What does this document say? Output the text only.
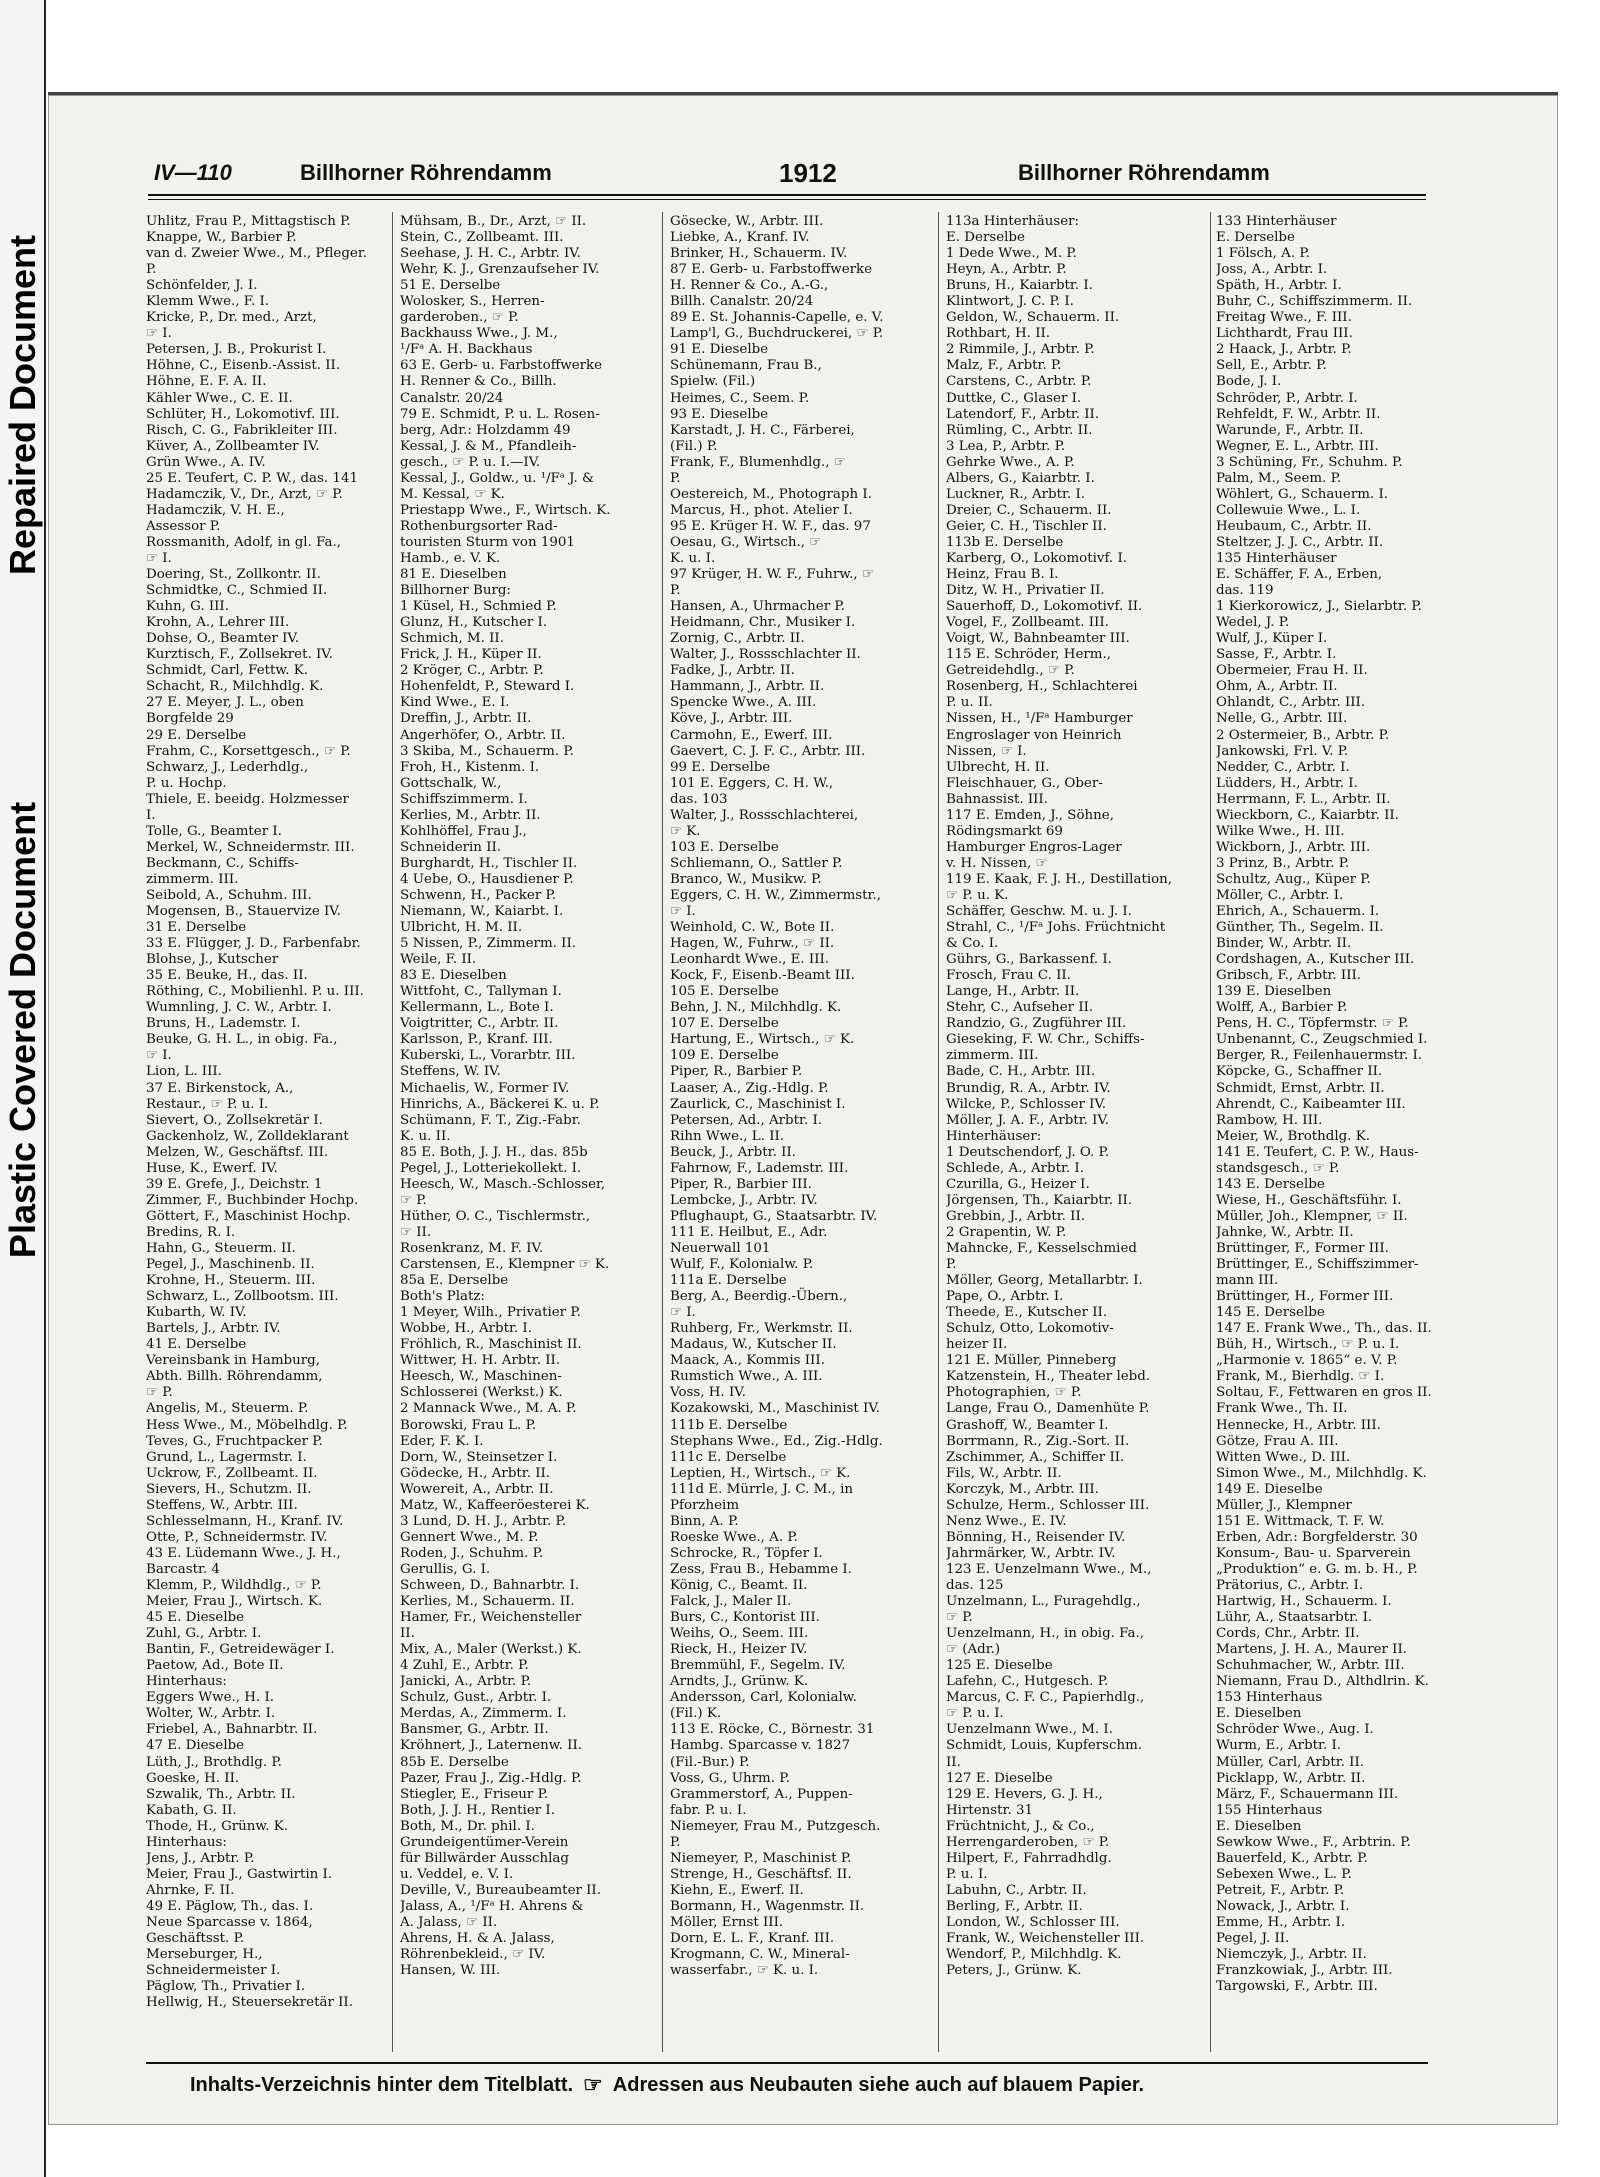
Repaired Document
Plastic Covered Document
IV—110	Billhorner Röhrendamm	1912	Billhorner Röhrendamm
Uhlitz, Frau P., Mittagstisch P.
Knappe, W., Barbier P.
van d. Zweier Wwe., M., Pfleger.
P.
Schönfelder, J. I.
Klemm Wwe., F. I.
Kricke, P., Dr. med., Arzt,
☞ I.
Petersen, J. B., Prokurist I.
Höhne, C., Eisenb.-Assist. II.
Höhne, E. F. A. II.
Kähler Wwe., C. E. II.
Schlüter, H., Lokomotivf. III.
Risch, C. G., Fabrikleiter III.
Küver, A., Zollbeamter IV.
Grün Wwe., A. IV.
25 E. Teufert, C. P. W., das. 141
Hadamczik, V., Dr., Arzt, ☞ P.
Hadamczik, V. H. E.,
Assessor P.
Rossmanith, Adolf, in gl. Fa.,
☞ I.
Doering, St., Zollkontr. II.
Schmidtke, C., Schmied II.
Kuhn, G. III.
Krohn, A., Lehrer III.
Dohse, O., Beamter IV.
Kurztisch, F., Zollsekret. IV.
Schmidt, Carl, Fettw. K.
Schacht, R., Milchhdlg. K.
27 E. Meyer, J. L., oben
Borgfelde 29
29 E. Derselbe
Frahm, C., Korsettgesch., ☞ P.
Schwarz, J., Lederhdlg.,
P. u. Hochp.
Thiele, E. beeidg. Holzmesser
I.
Tolle, G., Beamter I.
Merkel, W., Schneidermstr. III.
Beckmann, C., Schiffs-
zimmerm. III.
Seibold, A., Schuhm. III.
Mogensen, B., Stauervize IV.
31 E. Derselbe
33 E. Flügger, J. D., Farbenfabr.
Blohse, J., Kutscher
35 E. Beuke, H., das. II.
Röthing, C., Mobilienhl. P. u. III.
Wumnling, J. C. W., Arbtr. I.
Bruns, H., Lademstr. I.
Beuke, G. H. L., in obig. Fa.,
☞ I.
Lion, L. III.
37 E. Birkenstock, A.,
Restaur., ☞ P. u. I.
Sievert, O., Zollsekretär I.
Gackenholz, W., Zolldeklarant
Melzen, W., Geschäftsf. III.
Huse, K., Ewerf. IV.
39 E. Grefe, J., Deichstr. 1
Zimmer, F., Buchbinder Hochp.
Göttert, F., Maschinist Hochp.
Bredins, R. I.
Hahn, G., Steuerm. II.
Pegel, J., Maschinenb. II.
Krohne, H., Steuerm. III.
Schwarz, L., Zollbootsm. III.
Kubarth, W. IV.
Bartels, J., Arbtr. IV.
41 E. Derselbe
Vereinsbank in Hamburg,
Abth. Billh. Röhrendamm,
☞ P.
Angelis, M., Steuerm. P.
Hess Wwe., M., Möbelhdlg. P.
Teves, G., Fruchtpacker P.
Grund, L., Lagermstr. I.
Uckrow, F., Zollbeamt. II.
Sievers, H., Schutzm. II.
Steffens, W., Arbtr. III.
Schlesselmann, H., Kranf. IV.
Otte, P., Schneidermstr. IV.
43 E. Lüdemann Wwe., J. H.,
Barcastr. 4
Klemm, P., Wildhdlg., ☞ P.
Meier, Frau J., Wirtsch. K.
45 E. Dieselbe
Zuhl, G., Arbtr. I.
Bantin, F., Getreidewäger I.
Paetow, Ad., Bote II.
Hinterhaus:
Eggers Wwe., H. I.
Wolter, W., Arbtr. I.
Friebel, A., Bahnarbtr. II.
47 E. Dieselbe
Lüth, J., Brothdlg. P.
Goeske, H. II.
Szwalik, Th., Arbtr. II.
Kabath, G. II.
Thode, H., Grünw. K.
Hinterhaus:
Jens, J., Arbtr. P.
Meier, Frau J., Gastwirtin I.
Ahrnke, F. II.
49 E. Päglow, Th., das. I.
Neue Sparcasse v. 1864,
Geschäftsst. P.
Merseburger, H.,
Schneidermeister I.
Päglow, Th., Privatier I.
Hellwig, H., Steuersekretär II.
Mühsam, B., Dr., Arzt, ☞ II.
Stein, C., Zollbeamt. III.
Seehase, J. H. C., Arbtr. IV.
Wehr, K. J., Grenzaufseher IV.
51 E. Derselbe
Wolosker, S., Herren-
garderoben., ☞ P.
Backhauss Wwe., J. M.,
¹/Fᵃ A. H. Backhaus
63 E. Gerb- u. Farbstoffwerke
H. Renner & Co., Billh.
Canalstr. 20/24
79 E. Schmidt, P. u. L. Rosen-
berg, Adr.: Holzdamm 49
Kessal, J. & M., Pfandleih-
gesch., ☞ P. u. I.—IV.
Kessal, J., Goldw., u. ¹/Fᵃ J. &
M. Kessal, ☞ K.
Priestapp Wwe., F., Wirtsch. K.
Rothenburgsorter Rad-
touristen Sturm von 1901
Hamb., e. V. K.
81 E. Dieselben
Billhorner Burg:
1 Küsel, H., Schmied P.
Glunz, H., Kutscher I.
Schmich, M. II.
Frick, J. H., Küper II.
2 Kröger, C., Arbtr. P.
Hohenfeldt, P., Steward I.
Kind Wwe., E. I.
Dreffin, J., Arbtr. II.
Angerhöfer, O., Arbtr. II.
3 Skiba, M., Schauerm. P.
Froh, H., Kistenm. I.
Gottschalk, W.,
Schiffszimmerm. I.
Kerlies, M., Arbtr. II.
Kohlhöffel, Frau J.,
Schneiderin II.
Burghardt, H., Tischler II.
4 Uebe, O., Hausdiener P.
Schwenn, H., Packer P.
Niemann, W., Kaiarbt. I.
Ulbricht, H. M. II.
5 Nissen, P., Zimmerm. II.
Weile, F. II.
83 E. Dieselben
Wittfoht, C., Tallyman I.
Kellermann, L., Bote I.
Voigtritter, C., Arbtr. II.
Karlsson, P., Kranf. III.
Kuberski, L., Vorarbtr. III.
Steffens, W. IV.
Michaelis, W., Former IV.
Hinrichs, A., Bäckerei K. u. P.
Schümann, F. T., Zig.-Fabr.
K. u. II.
85 E. Both, J. J. H., das. 85b
Pegel, J., Lotteriekollekt. I.
Heesch, W., Masch.-Schlosser,
☞ P.
Hüther, O. C., Tischlermstr.,
☞ II.
Rosenkranz, M. F. IV.
Carstensen, E., Klempner ☞ K.
85a E. Derselbe
Both's Platz:
1 Meyer, Wilh., Privatier P.
Wobbe, H., Arbtr. I.
Fröhlich, R., Maschinist II.
Wittwer, H. H. Arbtr. II.
Heesch, W., Maschinen-
Schlosserei (Werkst.) K.
2 Mannack Wwe., M. A. P.
Borowski, Frau L. P.
Eder, F. K. I.
Dorn, W., Steinsetzer I.
Gödecke, H., Arbtr. II.
Wowereit, A., Arbtr. II.
Matz, W., Kaffeeröesterei K.
3 Lund, D. H. J., Arbtr. P.
Gennert Wwe., M. P.
Roden, J., Schuhm. P.
Gerullis, G. I.
Schween, D., Bahnarbtr. I.
Kerlies, M., Schauerm. II.
Hamer, Fr., Weichensteller
II.
Mix, A., Maler (Werkst.) K.
4 Zuhl, E., Arbtr. P.
Janicki, A., Arbtr. P.
Schulz, Gust., Arbtr. I.
Merdas, A., Zimmerm. I.
Bansmer, G., Arbtr. II.
Kröhnert, J., Laternenw. II.
85b E. Derselbe
Pazer, Frau J., Zig.-Hdlg. P.
Stiegler, E., Friseur P.
Both, J. J. H., Rentier I.
Both, M., Dr. phil. I.
Grundeigentümer-Verein
für Billwärder Ausschlag
u. Veddel, e. V. I.
Deville, V., Bureaubeamter II.
Jalass, A., ¹/Fᵃ H. Ahrens &
A. Jalass, ☞ II.
Ahrens, H. & A. Jalass,
Röhrenbekleid., ☞ IV.
Hansen, W. III.
Gösecke, W., Arbtr. III.
Liebke, A., Kranf. IV.
Brinker, H., Schauerm. IV.
87 E. Gerb- u. Farbstoffwerke
H. Renner & Co., A.-G.,
Billh. Canalstr. 20/24
89 E. St. Johannis-Capelle, e. V.
Lamp'l, G., Buchdruckerei, ☞ P.
91 E. Dieselbe
Schünemann, Frau B.,
Spielw. (Fil.)
Heimes, C., Seem. P.
93 E. Dieselbe
Karstadt, J. H. C., Färberei,
(Fil.) P.
Frank, F., Blumenhdlg., ☞
P.
Oestereich, M., Photograph I.
Marcus, H., phot. Atelier I.
95 E. Krüger H. W. F., das. 97
Oesau, G., Wirtsch., ☞
K. u. I.
97 Krüger, H. W. F., Fuhrw., ☞
P.
Hansen, A., Uhrmacher P.
Heidmann, Chr., Musiker I.
Zornig, C., Arbtr. II.
Walter, J., Rossschlachter II.
Fadke, J., Arbtr. II.
Hammann, J., Arbtr. II.
Spencke Wwe., A. III.
Köve, J., Arbtr. III.
Carmohn, E., Ewerf. III.
Gaevert, C. J. F. C., Arbtr. III.
99 E. Derselbe
101 E. Eggers, C. H. W.,
das. 103
Walter, J., Rossschlachterei,
☞ K.
103 E. Derselbe
Schliemann, O., Sattler P.
Branco, W., Musikw. P.
Eggers, C. H. W., Zimmermstr.,
☞ I.
Weinhold, C. W., Bote II.
Hagen, W., Fuhrw., ☞ II.
Leonhardt Wwe., E. III.
Kock, F., Eisenb.-Beamt III.
105 E. Derselbe
Behn, J. N., Milchhdlg. K.
107 E. Derselbe
Hartung, E., Wirtsch., ☞ K.
109 E. Derselbe
Piper, R., Barbier P.
Laaser, A., Zig.-Hdlg. P.
Zaurlick, C., Maschinist I.
Petersen, Ad., Arbtr. I.
Rihn Wwe., L. II.
Beuck, J., Arbtr. II.
Fahrnow, F., Lademstr. III.
Piper, R., Barbier III.
Lembcke, J., Arbtr. IV.
Pflughaupt, G., Staatsarbtr. IV.
111 E. Heilbut, E., Adr.
Neuerwall 101
Wulf, F., Kolonialw. P.
111a E. Derselbe
Berg, A., Beerdig.-Übern.,
☞ I.
Ruhberg, Fr., Werkmstr. II.
Madaus, W., Kutscher II.
Maack, A., Kommis III.
Rumstich Wwe., A. III.
Voss, H. IV.
Kozakowski, M., Maschinist IV.
111b E. Derselbe
Stephans Wwe., Ed., Zig.-Hdlg.
111c E. Derselbe
Leptien, H., Wirtsch., ☞ K.
111d E. Mürrle, J. C. M., in
Pforzheim
Binn, A. P.
Roeske Wwe., A. P.
Schrocke, R., Töpfer I.
Zess, Frau B., Hebamme I.
König, C., Beamt. II.
Falck, J., Maler II.
Burs, C., Kontorist III.
Weihs, O., Seem. III.
Rieck, H., Heizer IV.
Bremmühl, F., Segelm. IV.
Arndts, J., Grünw. K.
Andersson, Carl, Kolonialw.
(Fil.) K.
113 E. Röcke, C., Börnestr. 31
Hambg. Sparcasse v. 1827
(Fil.-Bur.) P.
Voss, G., Uhrm. P.
Grammerstorf, A., Puppen-
fabr. P. u. I.
Niemeyer, Frau M., Putzgesch.
P.
Niemeyer, P., Maschinist P.
Strenge, H., Geschäftsf. II.
Kiehn, E., Ewerf. II.
Bormann, H., Wagenmstr. II.
Möller, Ernst III.
Dorn, E. L. F., Kranf. III.
Krogmann, C. W., Mineral-
wasserfabr., ☞ K. u. I.
113a Hinterhäuser:
E. Derselbe
1 Dede Wwe., M. P.
Heyn, A., Arbtr. P.
Bruns, H., Kaiarbtr. I.
Klintwort, J. C. P. I.
Geldon, W., Schauerm. II.
Rothbart, H. II.
2 Rimmile, J., Arbtr. P.
Malz, F., Arbtr. P.
Carstens, C., Arbtr. P.
Duttke, C., Glaser I.
Latendorf, F., Arbtr. II.
Rümling, C., Arbtr. II.
3 Lea, P., Arbtr. P.
Gehrke Wwe., A. P.
Albers, G., Kaiarbtr. I.
Luckner, R., Arbtr. I.
Dreier, C., Schauerm. II.
Geier, C. H., Tischler II.
113b E. Derselbe
Karberg, O., Lokomotivf. I.
Heinz, Frau B. I.
Ditz, W. H., Privatier II.
Sauerhoff, D., Lokomotivf. II.
Vogel, F., Zollbeamt. III.
Voigt, W., Bahnbeamter III.
115 E. Schröder, Herm.,
Getreidehdlg., ☞ P.
Rosenberg, H., Schlachterei
P. u. II.
Nissen, H., ¹/Fᵃ Hamburger
Engroslager von Heinrich
Nissen, ☞ I.
Ulbrecht, H. II.
Fleischhauer, G., Ober-
Bahnassist. III.
117 E. Emden, J., Söhne,
Rödingsmarkt 69
Hamburger Engros-Lager
v. H. Nissen, ☞
119 E. Kaak, F. J. H., Destillation,
☞ P. u. K.
Schäffer, Geschw. M. u. J. I.
Strahl, C., ¹/Fᵃ Johs. Früchtnicht
& Co. I.
Gührs, G., Barkassenf. I.
Frosch, Frau C. II.
Lange, H., Arbtr. II.
Stehr, C., Aufseher II.
Randzio, G., Zugführer III.
Gieseking, F. W. Chr., Schiffs-
zimmerm. III.
Bade, C. H., Arbtr. III.
Brundig, R. A., Arbtr. IV.
Wilcke, P., Schlosser IV.
Möller, J. A. F., Arbtr. IV.
Hinterhäuser:
1 Deutschendorf, J. O. P.
Schlede, A., Arbtr. I.
Czurilla, G., Heizer I.
Jörgensen, Th., Kaiarbtr. II.
Grebbin, J., Arbtr. II.
2 Grapentin, W. P.
Mahncke, F., Kesselschmied
P.
Möller, Georg, Metallarbtr. I.
Pape, O., Arbtr. I.
Theede, E., Kutscher II.
Schulz, Otto, Lokomotiv-
heizer II.
121 E. Müller, Pinneberg
Katzenstein, H., Theater lebd.
Photographien, ☞ P.
Lange, Frau O., Damenhüte P.
Grashoff, W., Beamter I.
Borrmann, R., Zig.-Sort. II.
Zschimmer, A., Schiffer II.
Fils, W., Arbtr. II.
Korczyk, M., Arbtr. III.
Schulze, Herm., Schlosser III.
Nenz Wwe., E. IV.
Bönning, H., Reisender IV.
Jahrmärker, W., Arbtr. IV.
123 E. Uenzelmann Wwe., M.,
das. 125
Unzelmann, L., Furagehdlg.,
☞ P.
Uenzelmann, H., in obig. Fa.,
☞ (Adr.)
125 E. Dieselbe
Lafehn, C., Hutgesch. P.
Marcus, C. F. C., Papierhdlg.,
☞ P. u. I.
Uenzelmann Wwe., M. I.
Schmidt, Louis, Kupferschm.
II.
127 E. Dieselbe
129 E. Hevers, G. J. H.,
Hirtenstr. 31
Früchtnicht, J., & Co.,
Herrengarderoben, ☞ P.
Hilpert, F., Fahrradhdlg.
P. u. I.
Labuhn, C., Arbtr. II.
Berling, F., Arbtr. II.
London, W., Schlosser III.
Frank, W., Weichensteller III.
Wendorf, P., Milchhdlg. K.
Peters, J., Grünw. K.
133 Hinterhäuser
E. Derselbe
1 Fölsch, A. P.
Joss, A., Arbtr. I.
Späth, H., Arbtr. I.
Buhr, C., Schiffszimmerm. II.
Freitag Wwe., F. III.
Lichthardt, Frau III.
2 Haack, J., Arbtr. P.
Sell, E., Arbtr. P.
Bode, J. I.
Schröder, P., Arbtr. I.
Rehfeldt, F. W., Arbtr. II.
Warunde, F., Arbtr. II.
Wegner, E. L., Arbtr. III.
3 Schüning, Fr., Schuhm. P.
Palm, M., Seem. P.
Wöhlert, G., Schauerm. I.
Collewuie Wwe., L. I.
Heubaum, C., Arbtr. II.
Steltzer, J. J. C., Arbtr. II.
135 Hinterhäuser
E. Schäffer, F. A., Erben,
das. 119
1 Kierkorowicz, J., Sielarbtr. P.
Wedel, J. P.
Wulf, J., Küper I.
Sasse, F., Arbtr. I.
Obermeier, Frau H. II.
Ohm, A., Arbtr. II.
Ohlandt, C., Arbtr. III.
Nelle, G., Arbtr. III.
2 Ostermeier, B., Arbtr. P.
Jankowski, Frl. V. P.
Nedder, C., Arbtr. I.
Lüdders, H., Arbtr. I.
Herrmann, F. L., Arbtr. II.
Wieckborn, C., Kaiarbtr. II.
Wilke Wwe., H. III.
Wickborn, J., Arbtr. III.
3 Prinz, B., Arbtr. P.
Schultz, Aug., Küper P.
Möller, C., Arbtr. I.
Ehrich, A., Schauerm. I.
Günther, Th., Segelm. II.
Binder, W., Arbtr. II.
Cordshagen, A., Kutscher III.
Gribsch, F., Arbtr. III.
139 E. Dieselben
Wolff, A., Barbier P.
Pens, H. C., Töpfermstr. ☞ P.
Unbenannt, C., Zeugschmied I.
Berger, R., Feilenhauermstr. I.
Köpcke, G., Schaffner II.
Schmidt, Ernst, Arbtr. II.
Ahrendt, C., Kaibeamter III.
Rambow, H. III.
Meier, W., Brothdlg. K.
141 E. Teufert, C. P. W., Haus-
standsgesch., ☞ P.
143 E. Derselbe
Wiese, H., Geschäftsführ. I.
Müller, Joh., Klempner, ☞ II.
Jahnke, W., Arbtr. II.
Brüttinger, F., Former III.
Brüttinger, E., Schiffszimmer-
mann III.
Brüttinger, H., Former III.
145 E. Derselbe
147 E. Frank Wwe., Th., das. II.
Büh, H., Wirtsch., ☞ P. u. I.
„Harmonie v. 1865“ e. V. P.
Frank, M., Bierhdlg. ☞ I.
Soltau, F., Fettwaren en gros II.
Frank Wwe., Th. II.
Hennecke, H., Arbtr. III.
Götze, Frau A. III.
Witten Wwe., D. III.
Simon Wwe., M., Milchhdlg. K.
149 E. Dieselbe
Müller, J., Klempner
151 E. Wittmack, T. F. W.
Erben, Adr.: Borgfelderstr. 30
Konsum-, Bau- u. Sparverein
„Produktion“ e. G. m. b. H., P.
Prätorius, C., Arbtr. I.
Hartwig, H., Schauerm. I.
Lühr, A., Staatsarbtr. I.
Cords, Chr., Arbtr. II.
Martens, J. H. A., Maurer II.
Schuhmacher, W., Arbtr. III.
Niemann, Frau D., Althdlrin. K.
153 Hinterhaus
E. Dieselben
Schröder Wwe., Aug. I.
Wurm, E., Arbtr. I.
Müller, Carl, Arbtr. II.
Picklapp, W., Arbtr. II.
März, F., Schauermann III.
155 Hinterhaus
E. Dieselben
Sewkow Wwe., F., Arbtrin. P.
Bauerfeld, K., Arbtr. P.
Sebexen Wwe., L. P.
Petreit, F., Arbtr. P.
Nowack, J., Arbtr. I.
Emme, H., Arbtr. I.
Pegel, J. II.
Niemczyk, J., Arbtr. II.
Franzkowiak, J., Arbtr. III.
Targowski, F., Arbtr. III.
Inhalts-Verzeichnis hinter dem Titelblatt. ☞ Adressen aus Neubauten siehe auch auf blauem Papier.
